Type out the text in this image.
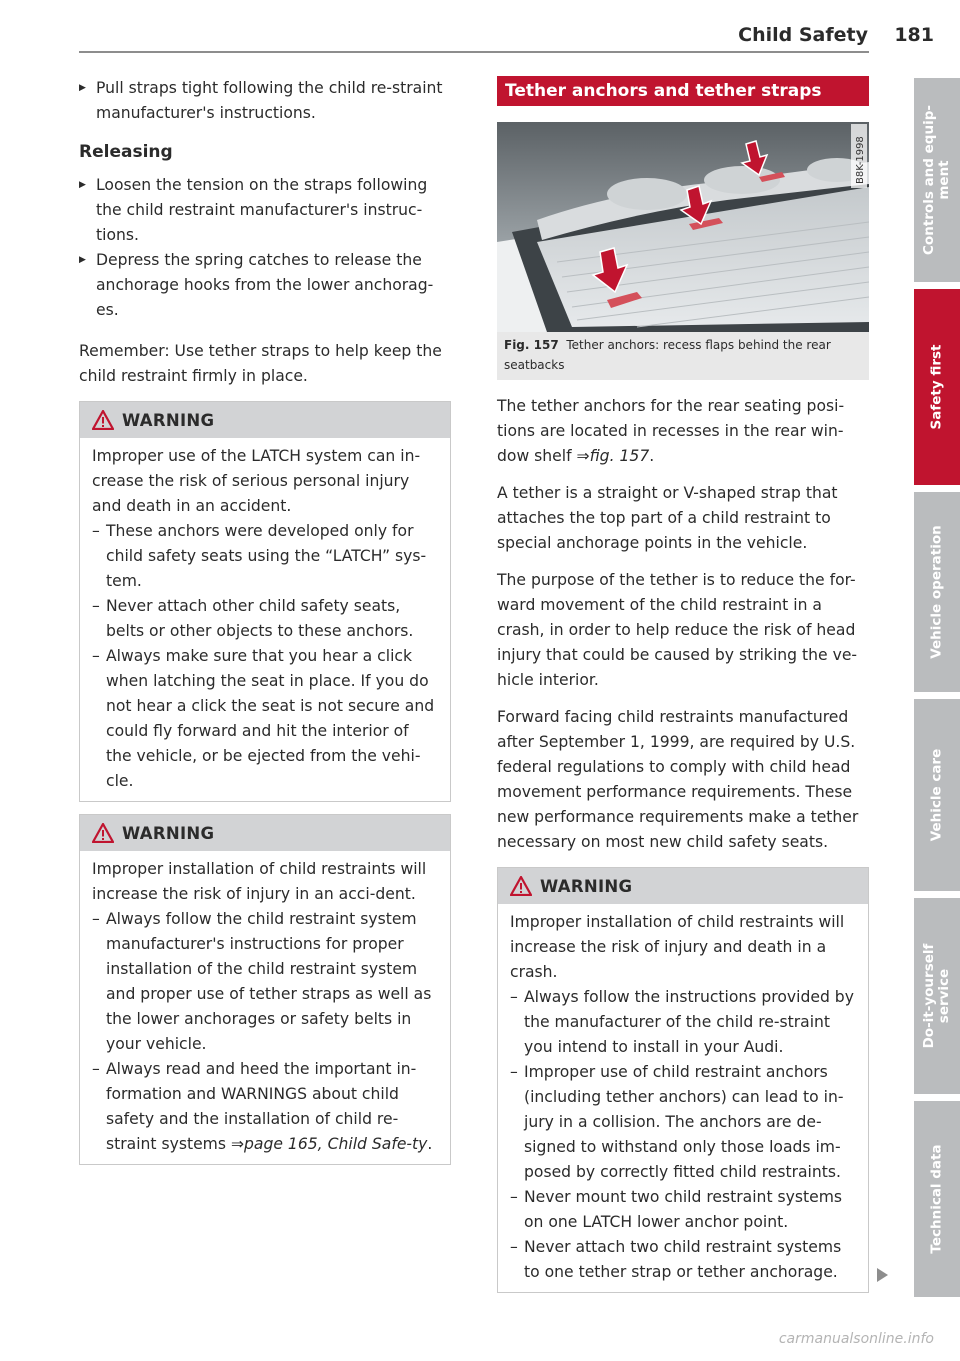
Child Safety 181

▶ Pull straps tight following the child re-straint manufacturer's instructions.

Releasing

▶ Loosen the tension on the straps following the child restraint manufacturer's instruc-tions.

▶ Depress the spring catches to release the anchorage hooks from the lower anchorag-es.

Remember: Use tether straps to help keep the child restraint firmly in place.

WARNING

Improper use of the LATCH system can in-crease the risk of serious personal injury and death in an accident.

– These anchors were developed only for child safety seats using the “LATCH” sys-tem.

– Never attach other child safety seats, belts or other objects to these anchors.

– Always make sure that you hear a click when latching the seat in place. If you do not hear a click the seat is not secure and could fly forward and hit the interior of the vehicle, or be ejected from the vehi-cle.

WARNING

Improper installation of child restraints will increase the risk of injury in an acci-dent.

– Always follow the child restraint system manufacturer's instructions for proper installation of the child restraint system and proper use of tether straps as well as the lower anchorages or safety belts in your vehicle.

– Always read and heed the important in-formation and WARNINGS about child safety and the installation of child re-straint systems ⇒page 165, Child Safe-ty.

Tether anchors and tether straps
B8K-1998
Fig. 157 Tether anchors: recess flaps behind the rear seatbacks

The tether anchors for the rear seating posi-tions are located in recesses in the rear win-dow shelf ⇒fig. 157.

A tether is a straight or V-shaped strap that attaches the top part of a child restraint to special anchorage points in the vehicle.

The purpose of the tether is to reduce the for-ward movement of the child restraint in a crash, in order to help reduce the risk of head injury that could be caused by striking the ve-hicle interior.

Forward facing child restraints manufactured after September 1, 1999, are required by U.S. federal regulations to comply with child head movement performance requirements. These new performance requirements make a tether necessary on most new child safety seats.

WARNING

Improper installation of child restraints will increase the risk of injury and death in a crash.

– Always follow the instructions provided by the manufacturer of the child re-straint you intend to install in your Audi.

– Improper use of child restraint anchors (including tether anchors) can lead to in-jury in a collision. The anchors are de-signed to withstand only those loads im-posed by correctly fitted child restraints.

– Never mount two child restraint systems on one LATCH lower anchor point.

– Never attach two child restraint systems to one tether strap or tether anchorage.

Controls and equip-
ment
Safety first
Vehicle operation
Vehicle care
Do-it-yourself
service
Technical data
carmanualsonline.info
